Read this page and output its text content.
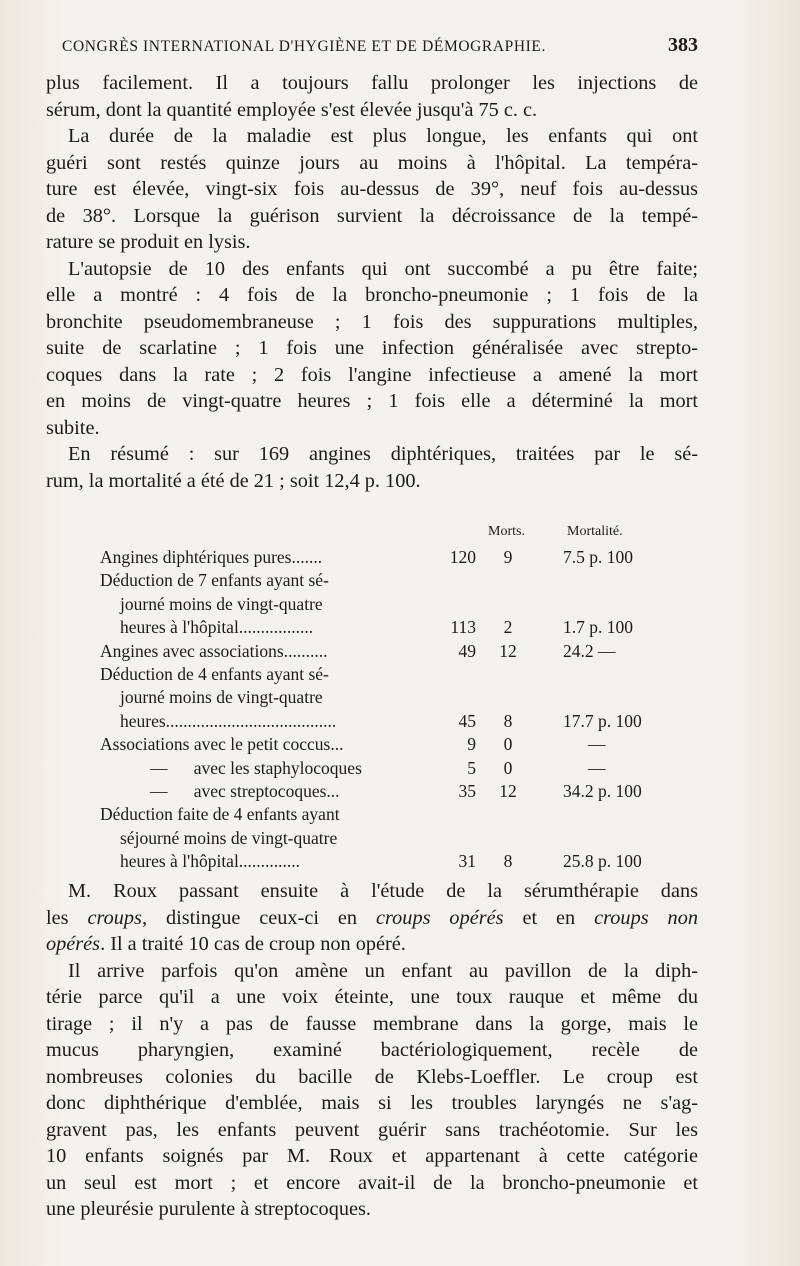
CONGRÈS INTERNATIONAL D'HYGIÈNE ET DE DÉMOGRAPHIE.	383
plus facilement. Il a toujours fallu prolonger les injections de
sérum, dont la quantité employée s'est élevée jusqu'à 75 c. c.
La durée de la maladie est plus longue, les enfants qui ont
guéri sont restés quinze jours au moins à l'hôpital. La tempéra-
ture est élevée, vingt-six fois au-dessus de 39°, neuf fois au-dessus
de 38°. Lorsque la guérison survient la décroissance de la tempé-
rature se produit en lysis.
L'autopsie de 10 des enfants qui ont succombé a pu être faite;
elle a montré : 4 fois de la broncho-pneumonie ; 1 fois de la
bronchite pseudomembraneuse ; 1 fois des suppurations multiples,
suite de scarlatine ; 1 fois une infection généralisée avec strepto-
coques dans la rate ; 2 fois l'angine infectieuse a amené la mort
en moins de vingt-quatre heures ; 1 fois elle a déterminé la mort
subite.
En résumé : sur 169 angines diphtériques, traitées par le sé-
rum, la mortalité a été de 21 ; soit 12,4 p. 100.
Morts.	Mortalité.
Angines diphtériques pures.......	120	9	7.5 p. 100
Déduction de 7 enfants ayant sé-
journé moins de vingt-quatre
heures à l'hôpital.................	113	2	1.7 p. 100
Angines avec associations..........	49 12	24.2 —
Déduction de 4 enfants ayant sé-
journé moins de vingt-quatre
heures.......................................	45	8	17.7 p. 100
Associations avec le petit coccus...	9	0	—
—      avec les staphylocoques	5	0	—
—      avec streptocoques...	35 12	34.2 p. 100
Déduction faite de 4 enfants ayant
séjourné moins de vingt-quatre
heures à l'hôpital..............	31	8	25.8 p. 100
M. Roux passant ensuite à l'étude de la sérumthérapie dans
les croups, distingue ceux-ci en croups opérés et en croups non
opérés. Il a traité 10 cas de croup non opéré.
Il arrive parfois qu'on amène un enfant au pavillon de la diph-
térie parce qu'il a une voix éteinte, une toux rauque et même du
tirage ; il n'y a pas de fausse membrane dans la gorge, mais le
mucus pharyngien, examiné bactériologiquement, recèle de
nombreuses colonies du bacille de Klebs-Loeffler. Le croup est
donc diphthérique d'emblée, mais si les troubles laryngés ne s'ag-
gravent pas, les enfants peuvent guérir sans trachéotomie. Sur les
10 enfants soignés par M. Roux et appartenant à cette catégorie
un seul est mort ; et encore avait-il de la broncho-pneumonie et
une pleurésie purulente à streptocoques.
